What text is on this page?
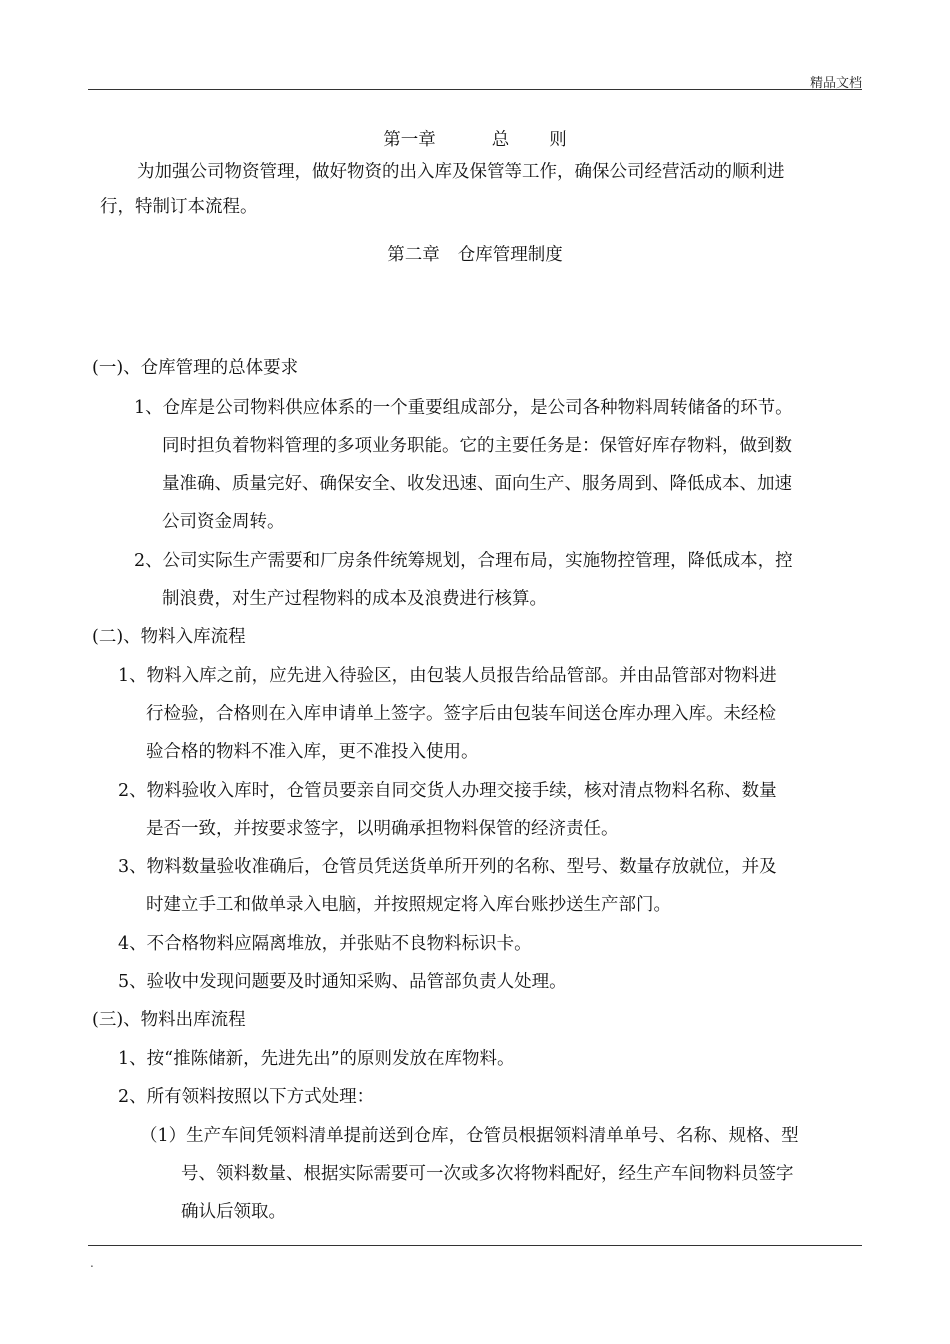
精品文档
第一章	总 则
为加强公司物资管理，做好物资的出入库及保管等工作，确保公司经营活动的顺利进
行，特制订本流程。
第二章 仓库管理制度
(一)、仓库管理的总体要求
1、仓库是公司物料供应体系的一个重要组成部分，是公司各种物料周转储备的环节。
同时担负着物料管理的多项业务职能。它的主要任务是：保管好库存物料，做到数
量准确、质量完好、确保安全、收发迅速、面向生产、服务周到、降低成本、加速
公司资金周转。
2、公司实际生产需要和厂房条件统筹规划，合理布局，实施物控管理，降低成本，控
制浪费，对生产过程物料的成本及浪费进行核算。
(二)、物料入库流程
1、物料入库之前，应先进入待验区，由包装人员报告给品管部。并由品管部对物料进
行检验，合格则在入库申请单上签字。签字后由包装车间送仓库办理入库。未经检
验合格的物料不准入库，更不准投入使用。
2、物料验收入库时，仓管员要亲自同交货人办理交接手续，核对清点物料名称、数量
是否一致，并按要求签字，以明确承担物料保管的经济责任。
3、物料数量验收准确后，仓管员凭送货单所开列的名称、型号、数量存放就位，并及
时建立手工和做单录入电脑，并按照规定将入库台账抄送生产部门。
4、不合格物料应隔离堆放，并张贴不良物料标识卡。
5、验收中发现问题要及时通知采购、品管部负责人处理。
(三)、物料出库流程
1、按“推陈储新，先进先出”的原则发放在库物料。
2、所有领料按照以下方式处理：
（1）生产车间凭领料清单提前送到仓库，仓管员根据领料清单单号、名称、规格、型
号、领料数量、根据实际需要可一次或多次将物料配好，经生产车间物料员签字
确认后领取。
.
